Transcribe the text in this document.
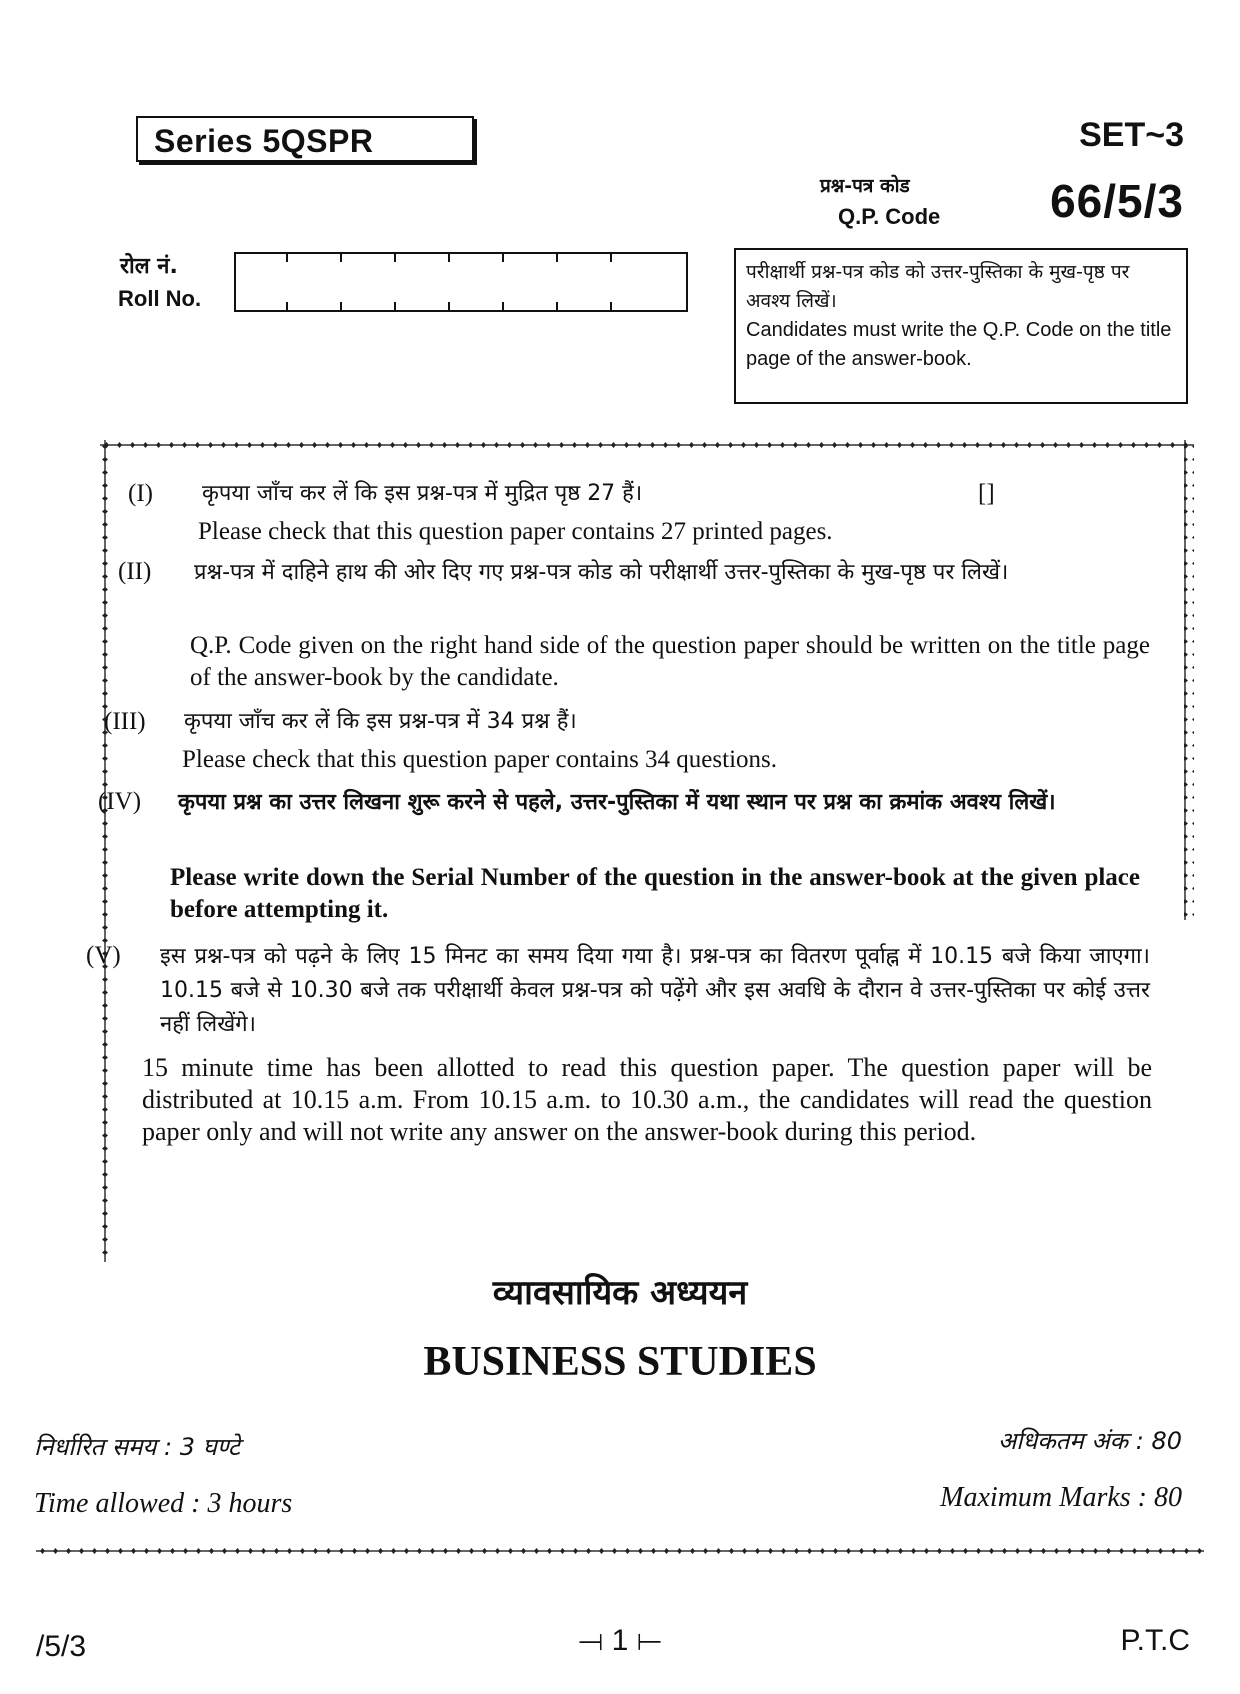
Series 5QSPR	SET~3
प्रश्न-पत्र कोड
Q.P. Code 66/5/3
रोल नं.
Roll No.
परीक्षार्थी प्रश्न-पत्र कोड को उत्तर-पुस्तिका के मुख-पृष्ठ पर अवश्य लिखें।
Candidates must write the Q.P. Code on the title page of the answer-book.
(I) कृपया जाँच कर लें कि इस प्रश्न-पत्र में मुद्रित पृष्ठ 27 हैं।	[]
Please check that this question paper contains 27 printed pages.
(II) प्रश्न-पत्र में दाहिने हाथ की ओर दिए गए प्रश्न-पत्र कोड को परीक्षार्थी उत्तर-पुस्तिका के मुख-पृष्ठ पर लिखें।
Q.P. Code given on the right hand side of the question paper should be written on the title page of the answer-book by the candidate.
(III) कृपया जाँच कर लें कि इस प्रश्न-पत्र में 34 प्रश्न हैं।
Please check that this question paper contains 34 questions.
(IV) कृपया प्रश्न का उत्तर लिखना शुरू करने से पहले, उत्तर-पुस्तिका में यथा स्थान पर प्रश्न का क्रमांक अवश्य लिखें।
Please write down the Serial Number of the question in the answer-book at the given place before attempting it.
(V) इस प्रश्न-पत्र को पढ़ने के लिए 15 मिनट का समय दिया गया है। प्रश्न-पत्र का वितरण पूर्वाह्न में 10.15 बजे किया जाएगा। 10.15 बजे से 10.30 बजे तक परीक्षार्थी केवल प्रश्न-पत्र को पढ़ेंगे और इस अवधि के दौरान वे उत्तर-पुस्तिका पर कोई उत्तर नहीं लिखेंगे।
15 minute time has been allotted to read this question paper. The question paper will be distributed at 10.15 a.m. From 10.15 a.m. to 10.30 a.m., the candidates will read the question paper only and will not write any answer on the answer-book during this period.
व्यावसायिक अध्ययन
BUSINESS STUDIES
निर्धारित समय : 3 घण्टे
Time allowed : 3 hours
अधिकतम अंक : 80
Maximum Marks : 80
/5/3	⟞ 1 ⟝	P.T.C
